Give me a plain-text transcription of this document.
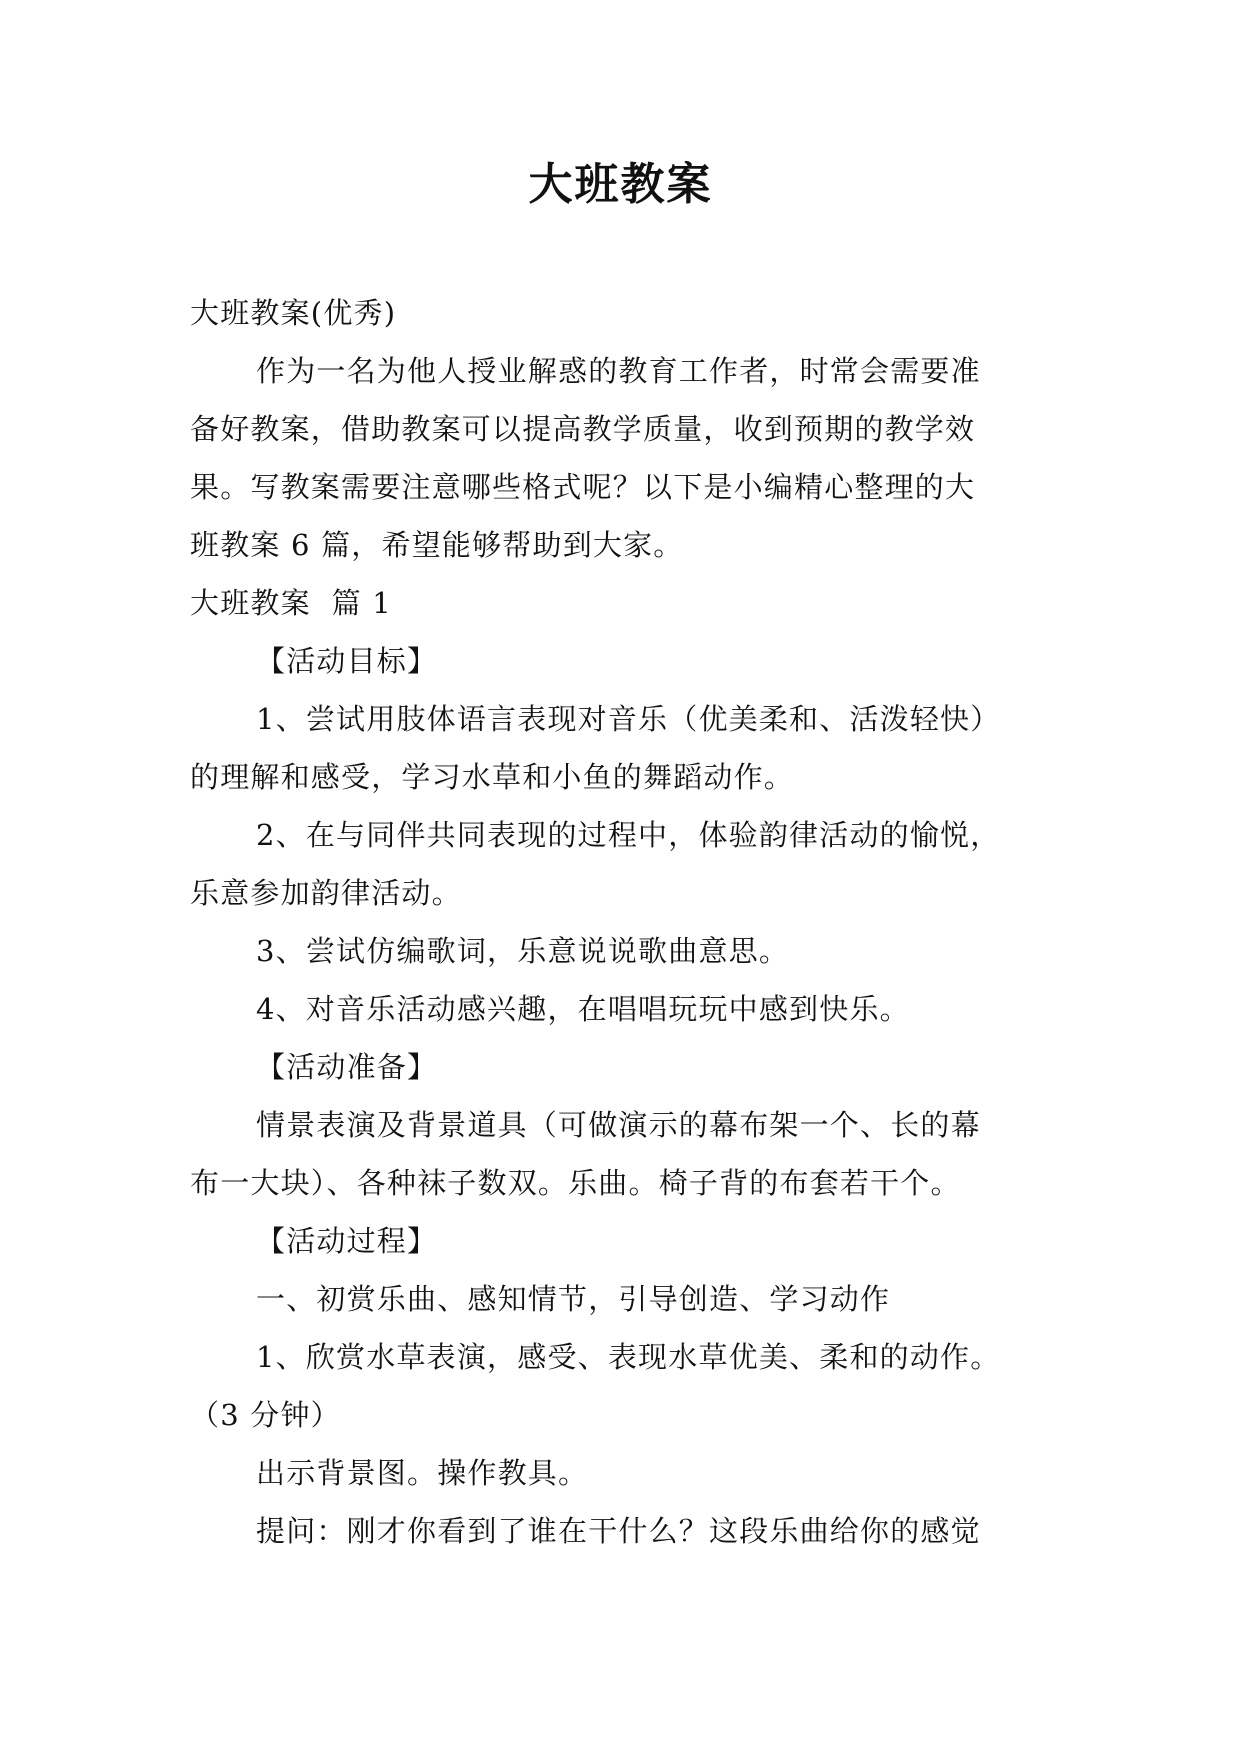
大班教案
大班教案(优秀)
作为一名为他人授业解惑的教育工作者，时常会需要准
备好教案，借助教案可以提高教学质量，收到预期的教学效
果。写教案需要注意哪些格式呢？以下是小编精心整理的大
班教案 6 篇，希望能够帮助到大家。
大班教案  篇 1
【活动目标】
1、尝试用肢体语言表现对音乐（优美柔和、活泼轻快）
的理解和感受，学习水草和小鱼的舞蹈动作。
2、在与同伴共同表现的过程中，体验韵律活动的愉悦，
乐意参加韵律活动。
3、尝试仿编歌词，乐意说说歌曲意思。
4、对音乐活动感兴趣，在唱唱玩玩中感到快乐。
【活动准备】
情景表演及背景道具（可做演示的幕布架一个、长的幕
布一大块）、各种袜子数双。乐曲。椅子背的布套若干个。
【活动过程】
一、初赏乐曲、感知情节，引导创造、学习动作
1、欣赏水草表演，感受、表现水草优美、柔和的动作。
（3 分钟）
出示背景图。操作教具。
提问：刚才你看到了谁在干什么？这段乐曲给你的感觉
